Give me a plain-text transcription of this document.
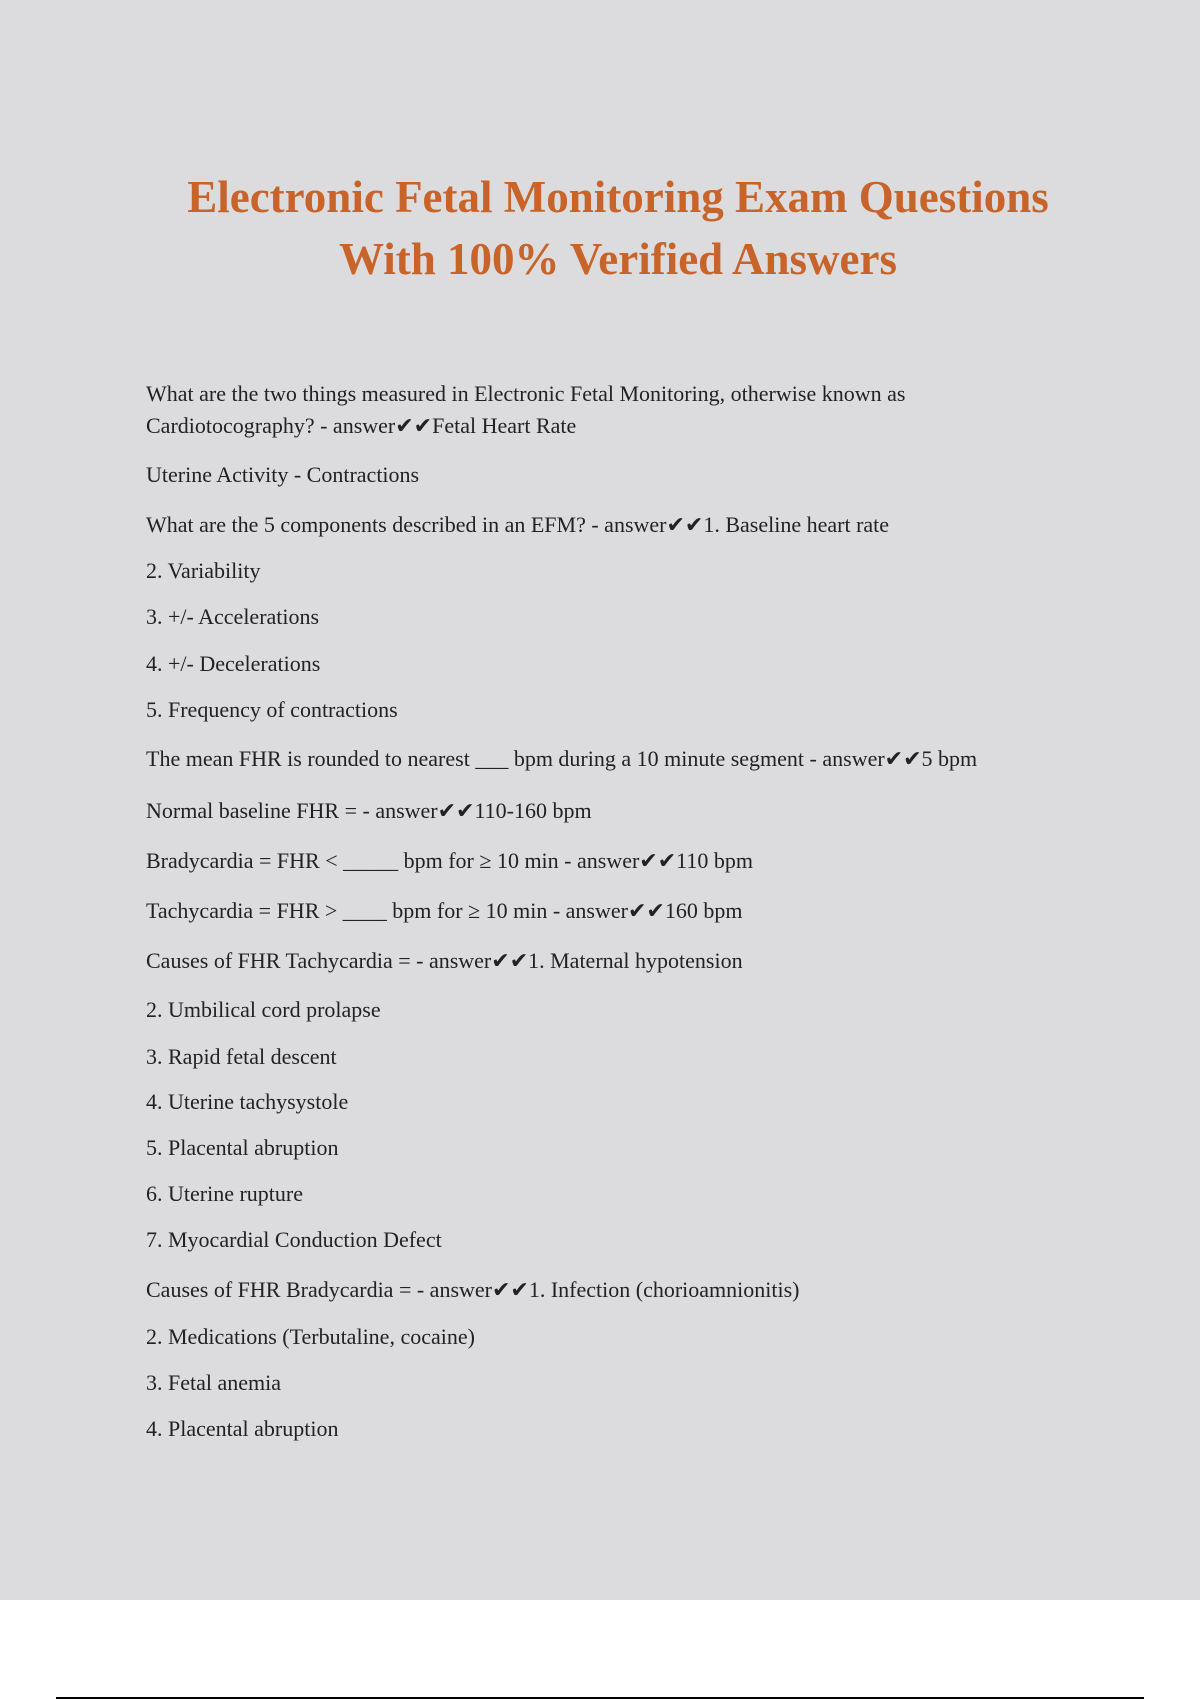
Electronic Fetal Monitoring Exam Questions
With 100% Verified Answers
What are the two things measured in Electronic Fetal Monitoring, otherwise known as Cardiotocography? - answer✔✔Fetal Heart Rate
Uterine Activity - Contractions
What are the 5 components described in an EFM? - answer✔✔1. Baseline heart rate
2. Variability
3. +/- Accelerations
4. +/- Decelerations
5. Frequency of contractions
The mean FHR is rounded to nearest ___ bpm during a 10 minute segment - answer✔✔5 bpm
Normal baseline FHR = - answer✔✔110-160 bpm
Bradycardia = FHR < _____ bpm for ≥ 10 min - answer✔✔110 bpm
Tachycardia = FHR > ____ bpm for ≥ 10 min - answer✔✔160 bpm
Causes of FHR Tachycardia = - answer✔✔1. Maternal hypotension
2. Umbilical cord prolapse
3. Rapid fetal descent
4. Uterine tachysystole
5. Placental abruption
6. Uterine rupture
7. Myocardial Conduction Defect
Causes of FHR Bradycardia = - answer✔✔1. Infection (chorioamnionitis)
2. Medications (Terbutaline, cocaine)
3. Fetal anemia
4. Placental abruption
